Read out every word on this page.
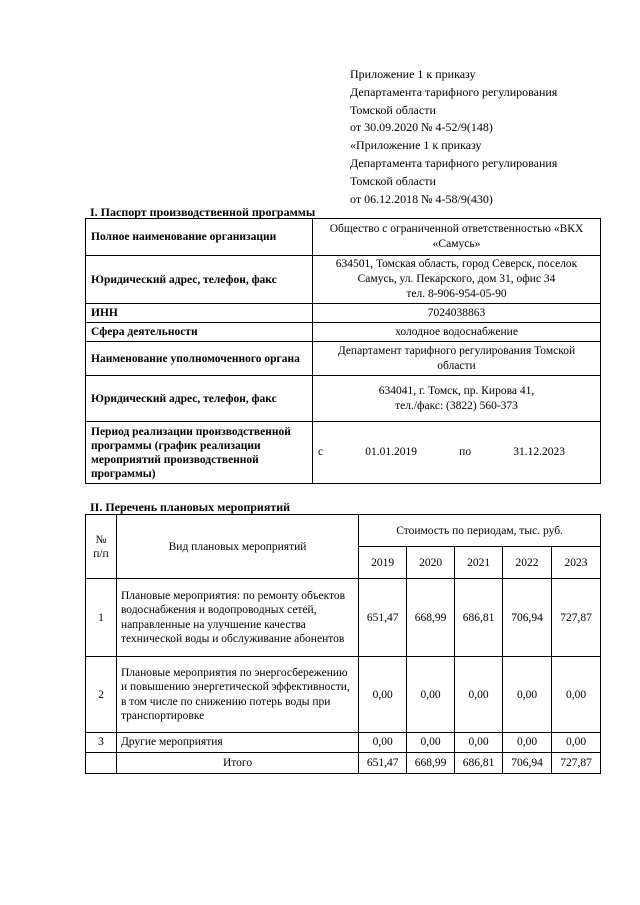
Приложение 1 к приказу
Департамента тарифного регулирования
Томской области
от 30.09.2020 № 4-52/9(148)
«Приложение 1 к приказу
Департамента тарифного регулирования
Томской области
от 06.12.2018 № 4-58/9(430)
I. Паспорт производственной программы
Полное наименование организации	Общество с ограниченной ответственностью «ВКХ «Самусь»
Юридический адрес, телефон, факс	634501, Томская область, город Северск, поселок Самусь, ул. Пекарского, дом 31, офис 34
тел. 8-906-954-05-90

ИНН	7024038863
Сфера деятельности	холодное водоснабжение
Наименование уполномоченного органа	Департамент тарифного регулирования Томской области
Юридический адрес, телефон, факс	634041, г. Томск, пр. Кирова 41,
тел./факс: (3822) 560-373

Период реализации производственной программы (график реализации мероприятий производственной программы)	с 01.01.2019 по 31.12.2023
II. Перечень плановых мероприятий
№ п/п	Вид плановых мероприятий	Стоимость по периодам, тыс. руб.				
		2019	2020	2021	2022	2023
1	Плановые мероприятия: по ремонту объектов водоснабжения и водопроводных сетей, направленные на улучшение качества технической воды и обслуживание абонентов	651,47	668,99	686,81	706,94	727,87
2	Плановые мероприятия по энергосбережению и повышению энергетической эффективности, в том числе по снижению потерь воды при транспортировке	0,00	0,00	0,00	0,00	0,00
3	Другие мероприятия	0,00	0,00	0,00	0,00	0,00
	Итого	651,47	668,99	686,81	706,94	727,87
